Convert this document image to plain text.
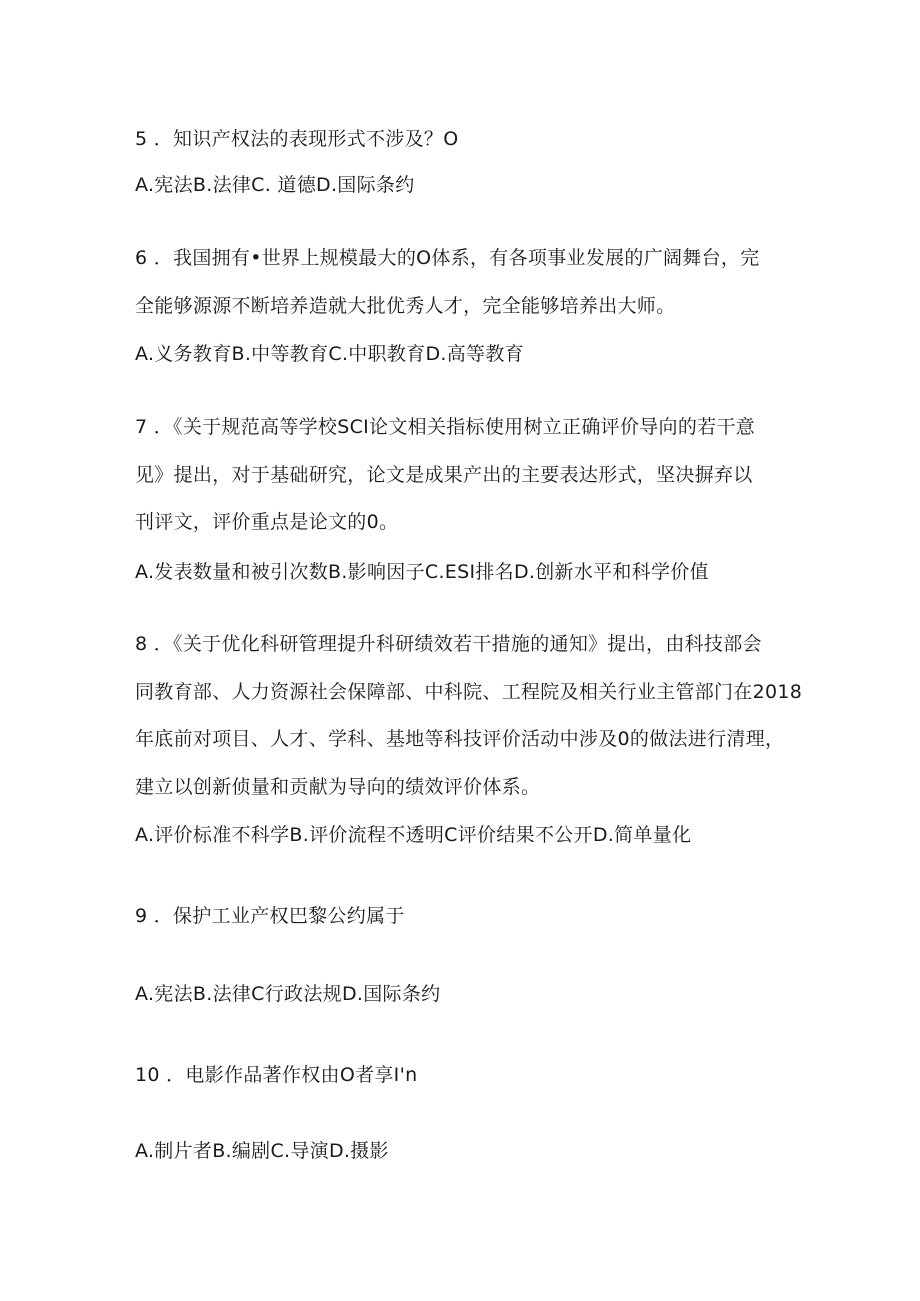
5 ．知识产权法的表现形式不涉及？O

A.宪法B.法律C. 道德D.国际条约

6 ．我国拥有•世界上规模最大的O体系，有各项事业发展的广阔舞台，完

全能够源源不断培养造就大批优秀人才，完全能够培养出大师。

A.义务教育B.中等教育C.中职教育D.高等教育

7 ．《关于规范高等学校SCI论文相关指标使用树立正确评价导向的若干意

见》提出，对于基础研究，论文是成果产出的主要表达形式，坚决摒弃以

刊评文，评价重点是论文的0。

A.发表数量和被引次数B.影响因子C.ESI排名D.创新水平和科学价值

8 ．《关于优化科研管理提升科研绩效若干措施的通知》提出，由科技部会

同教育部、人力资源社会保障部、中科院、工程院及相关行业主管部门在2018

年底前对项目、人才、学科、基地等科技评价活动中涉及0的做法进行清理，

建立以创新侦量和贡献为导向的绩效评价体系。

A.评价标准不科学B.评价流程不透明C评价结果不公开D.简单量化

9 ．保护工业产权巴黎公约属于

A.宪法B.法律C行政法规D.国际条约

10 ．电影作品著作权由O者享I'n

A.制片者B.编剧C.导演D.摄影
